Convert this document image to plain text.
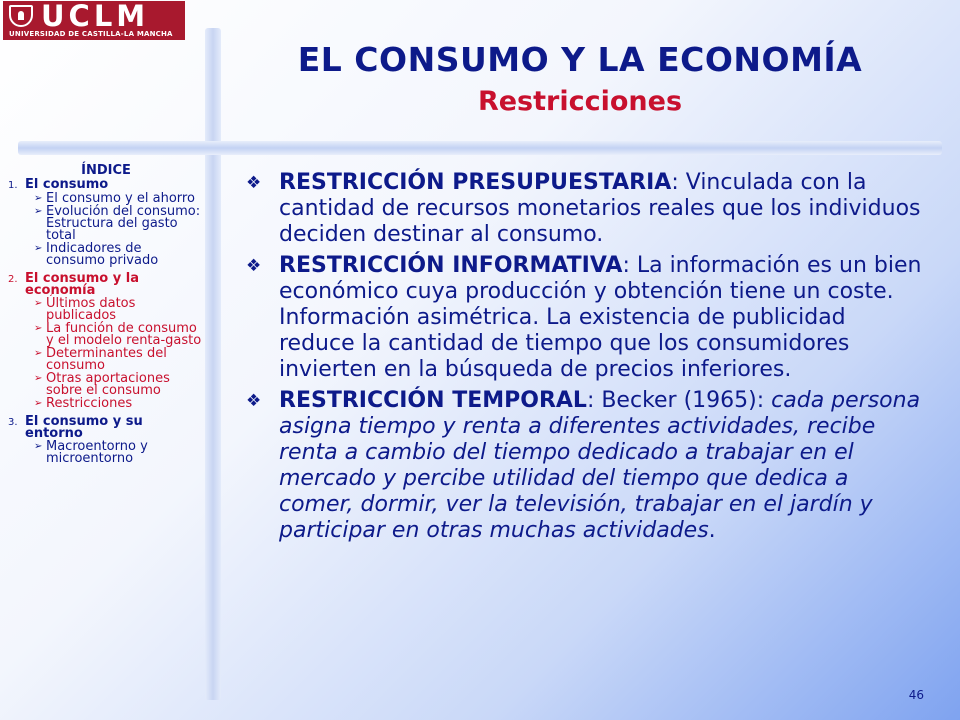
UCLM
UNIVERSIDAD DE CASTILLA-LA MANCHA
EL CONSUMO Y LA ECONOMÍA
Restricciones
ÍNDICE
1. El consumo
➢ El consumo y el ahorro
➢ Evolución del consumo: Estructura del gasto total
➢ Indicadores de consumo privado
2. El consumo y la economía
➢ Últimos datos publicados
➢ La función de consumo y el modelo renta-gasto
➢ Determinantes del consumo
➢ Otras aportaciones sobre el consumo
➢ Restricciones
3. El consumo y su entorno
➢ Macroentorno y microentorno
❖ RESTRICCIÓN PRESUPUESTARIA: Vinculada con la cantidad de recursos monetarios reales que los individuos deciden destinar al consumo.
❖ RESTRICCIÓN INFORMATIVA: La información es un bien económico cuya producción y obtención tiene un coste. Información asimétrica. La existencia de publicidad reduce la cantidad de tiempo que los consumidores invierten en la búsqueda de precios inferiores.
❖ RESTRICCIÓN TEMPORAL: Becker (1965): cada persona asigna tiempo y renta a diferentes actividades, recibe renta a cambio del tiempo dedicado a trabajar en el mercado y percibe utilidad del tiempo que dedica a comer, dormir, ver la televisión, trabajar en el jardín y participar en otras muchas actividades.
46
